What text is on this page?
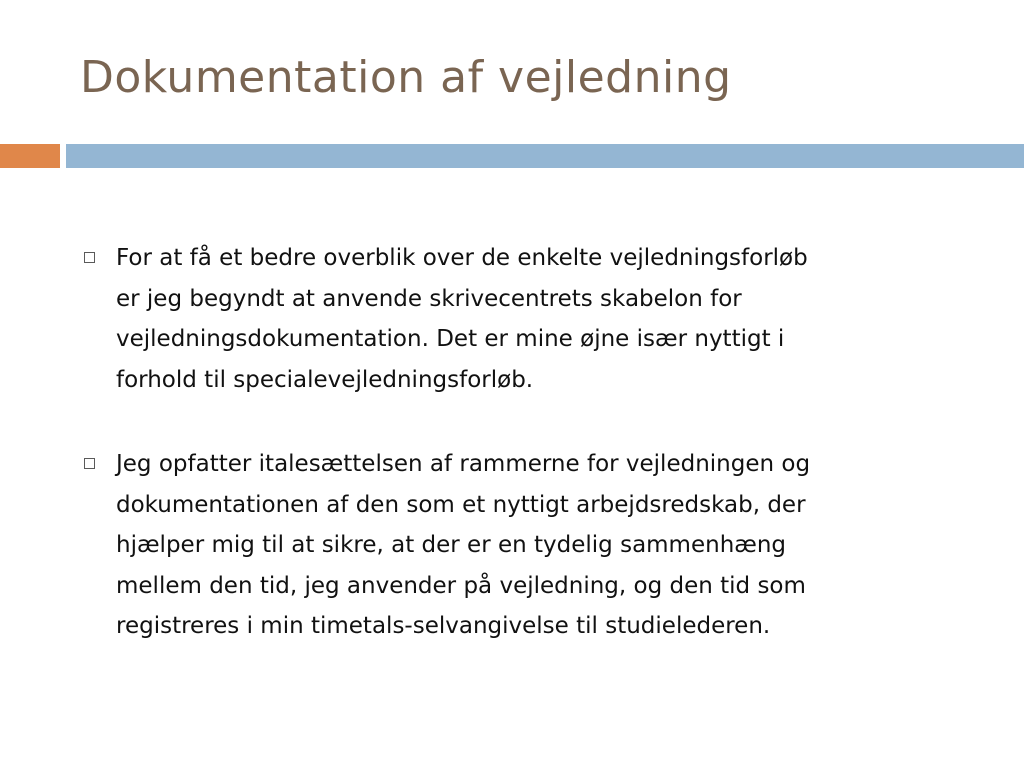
Dokumentation af vejledning
For at få et bedre overblik over de enkelte vejledningsforløb
er jeg begyndt at anvende skrivecentrets skabelon for
vejledningsdokumentation. Det er mine øjne især nyttigt i
forhold til specialevejledningsforløb.
Jeg opfatter italesættelsen af rammerne for vejledningen og
dokumentationen af den som et nyttigt arbejdsredskab, der
hjælper mig til at sikre, at der er en tydelig sammenhæng
mellem den tid, jeg anvender på vejledning, og den tid som
registreres i min timetals-selvangivelse til studielederen.
